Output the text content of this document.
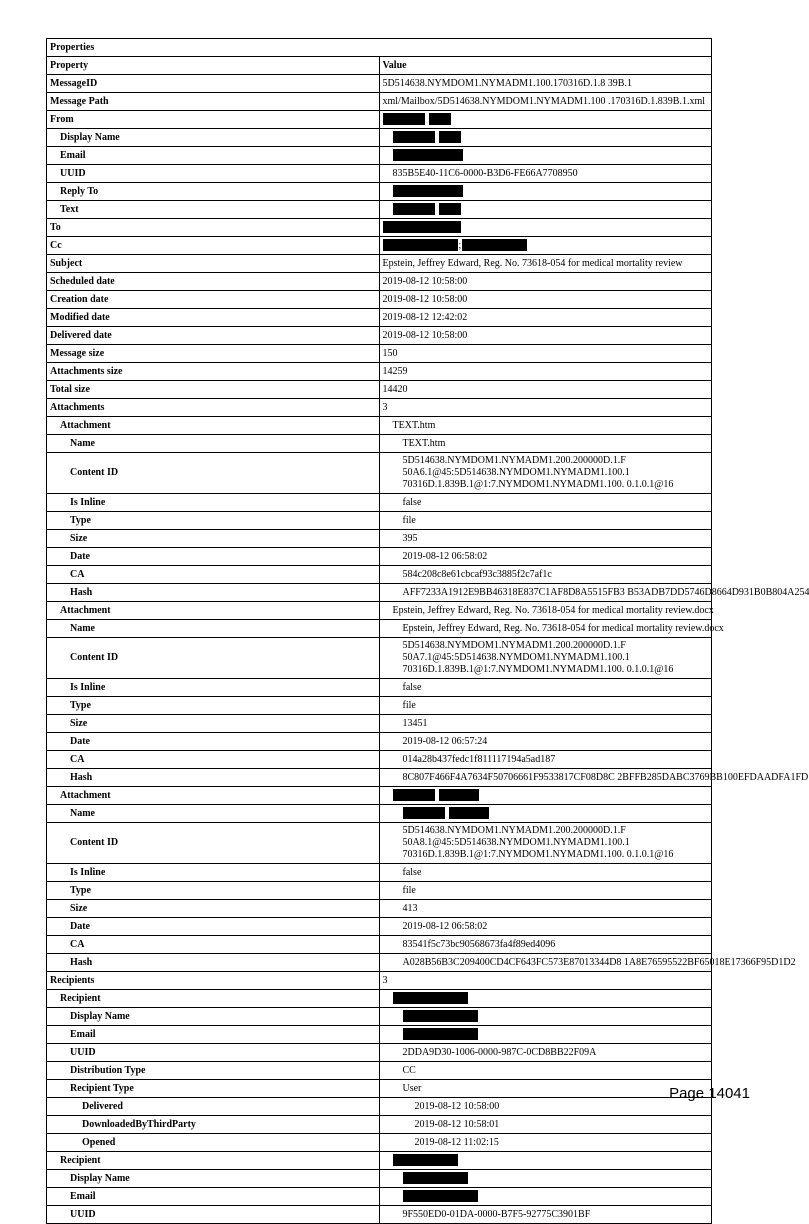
Properties	
Property	Value
MessageID	5D514638.NYMDOM1.NYMADM1.100.170316D.1.8 39B.1
Message Path	xml/Mailbox/5D514638.NYMDOM1.NYMADM1.100 .170316D.1.839B.1.xml
From	
Display Name	
Email	
UUID	835B5E40-11C6-0000-B3D6-FE66A7708950
Reply To	
Text	
To	
Cc	;
Subject	Epstein, Jeffrey Edward, Reg. No. 73618-054 for medical mortality review
Scheduled date	2019-08-12 10:58:00
Creation date	2019-08-12 10:58:00
Modified date	2019-08-12 12:42:02
Delivered date	2019-08-12 10:58:00
Message size	150
Attachments size	14259
Total size	14420
Attachments	3
Attachment	TEXT.htm
Name	TEXT.htm
Content ID	5D514638.NYMDOM1.NYMADM1.200.200000D.1.F
50A6.1@45:5D514638.NYMDOM1.NYMADM1.100.1
70316D.1.839B.1@1:7.NYMDOM1.NYMADM1.100. 0.1.0.1@16
Is Inline	false
Type	file
Size	395
Date	2019-08-12 06:58:02
CA	584c208c8e61cbcaf93c3885f2c7af1c
Hash	AFF7233A1912E9BB46318E837C1AF8D8A5515FB3 B53ADB7DD5746D8664D931B0B804A254
Attachment	Epstein, Jeffrey Edward, Reg. No. 73618-054 for medical mortality review.docx
Name	Epstein, Jeffrey Edward, Reg. No. 73618-054 for medical mortality review.docx
Content ID	5D514638.NYMDOM1.NYMADM1.200.200000D.1.F
50A7.1@45:5D514638.NYMDOM1.NYMADM1.100.1
70316D.1.839B.1@1:7.NYMDOM1.NYMADM1.100. 0.1.0.1@16
Is Inline	false
Type	file
Size	13451
Date	2019-08-12 06:57:24
CA	014a28b437fedc1f811117194a5ad187
Hash	8C807F466F4A7634F50706661F9533817CF08D8C 2BFFB285DABC3769BB100EFDAADFA1FD
Attachment	
Name	
Content ID	5D514638.NYMDOM1.NYMADM1.200.200000D.1.F
50A8.1@45:5D514638.NYMDOM1.NYMADM1.100.1
70316D.1.839B.1@1:7.NYMDOM1.NYMADM1.100. 0.1.0.1@16
Is Inline	false
Type	file
Size	413
Date	2019-08-12 06:58:02
CA	83541f5c73bc90568673fa4f89ed4096
Hash	A028B56B3C209400CD4CF643FC573E87013344D8 1A8E76595522BF65018E17366F95D1D2
Recipients	3
Recipient	
Display Name	
Email	
UUID	2DDA9D30-1006-0000-987C-0CD8BB22F09A
Distribution Type	CC
Recipient Type	User
Delivered	2019-08-12 10:58:00
DownloadedByThirdParty	2019-08-12 10:58:01
Opened	2019-08-12 11:02:15
Recipient	
Display Name	
Email	
UUID	9F550ED0-01DA-0000-B7F5-92775C3901BF
Page 14041
